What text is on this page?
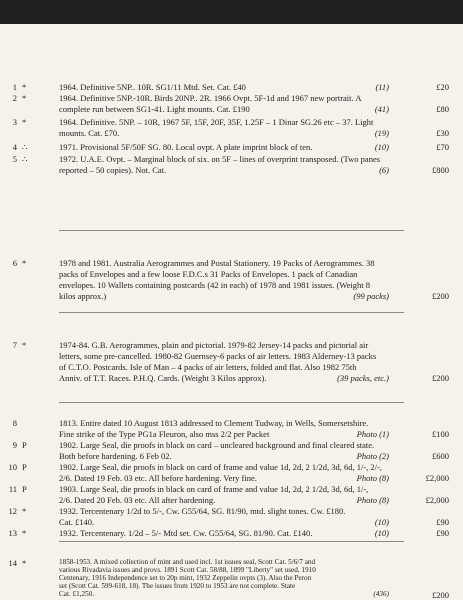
1 *	1964. Definitive 5NP.. 10R. SG1/11 Mtd. Set. Cat. £40	(11)	£20
2 *	1964. Definitive 5NP.-10R. Birds 20NP.. 2R. 1966 Ovpt. 5F-1d and 1967 new portrait. A
complete run between SG1-41. Light mounts. Cat. £190	(41)	£80
3 *	1964. Definitive. 5NP. – 10R, 1967 5F, 15F, 20F, 35F, 1.25F – 1 Dinar SG.26 etc – 37. Light
mounts. Cat. £70.	(19)	£30
4 ∴	1971. Provisional 5F/50F SG. 80. Local ovpt. A plate imprint block of ten.	(10)	£70
5 ∴	1972. U.A.E. Ovpt. – Marginal block of six. on 5F – lines of overprint transposed. (Two panes
reported – 50 copies). Not. Cat.	(6)	£800
6 *	1978 and 1981. Australia Aerogrammes and Postal Stationery. 19 Packs of Aerogrammes. 38
packs of Envelopes and a few loose F.D.C.s 31 Packs of Envelopes. 1 pack of Canadian
envelopes. 10 Wallets containing postcards (42 in each) of 1978 and 1981 issues. (Weight 8
kilos approx.)	(99 packs)	£200
7 *	1974-84. G.B. Aerogrammes, plain and pictorial. 1979-82 Jersey-14 packs and pictorial air
letters, some pre-cancelled. 1980-82 Guernsey-6 packs of air letters. 1983 Alderney-13 packs
of C.T.O. Postcards. Isle of Man – 4 packs of air letters, folded and flat. Also 1982 75th
Anniv. of T.T. Races. P.H.Q. Cards. (Weight 3 Kilos approx).	(39 packs, etc.)	£200
8	1813. Entire dated 10 August 1813 addressed to Clement Tudway, in Wells, Somersetshire.
Fine strike of the Type PG1a Fleuron, also mss 2/2 per Packet	Photo (1)	£100
9 P	1902. Large Seal, die proofs in black on card – uncleared background and final cleared state.
Both before hardening. 6 Feb 02.	Photo (2)	£600
10 P	1902. Large Seal, die proofs in black on card of frame and value 1d, 2d, 2 1/2d, 3d, 6d, 1/-, 2/-,
2/6. Dated 19 Feb. 03 etc. All before hardening. Very fine.	Photo (8)	£2,000
11 P	1903. Large Seal, die proofs in black on card of frame and value 1d, 2d, 2 1/2d, 3d, 6d, 1/-,
2/6. Dated 20 Feb. 03 etc. All after hardening.	Photo (8)	£2,000
12 *	1932. Tercentenary 1/2d to 5/-, Cw. G55/64, SG. 81/90, mtd. slight tones. Cw. £180.
Cat. £140.	(10)	£90
13 *	1932. Tercentenary. 1/2d – 5/- Mtd set. Cw. G55/64, SG. 81/90. Cat. £140.	(10)	£90
14 *	1858-1953. A mixed collection of mint and used incl. 1st issues seal, Scott Cat. 5/6/7 and
various Rivadavia issues and provs. 1891 Scott Cat. 58/88, 1899 "Liberty" set used, 1910
Centenary, 1916 Independence set to 20p mint, 1932 Zeppelin ovpts (3). Also the Peron
set (Scott Cat. 599-618, 18). The issues from 1920 to 1953 are not complete. State
Cat. £1,250.	(436)	£200
